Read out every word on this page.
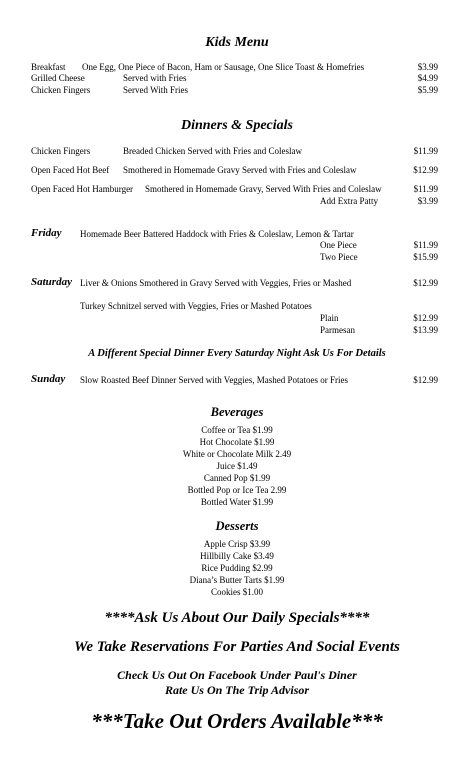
Kids Menu
Breakfast One Egg, One Piece of Bacon, Ham or Sausage, One Slice Toast & Homefries	$3.99
Grilled Cheese	Served with Fries	$4.99
Chicken Fingers	Served With Fries	$5.99
Dinners & Specials
Chicken Fingers	Breaded Chicken Served with Fries and Coleslaw	$11.99
Open Faced Hot Beef Smothered in Homemade Gravy Served with Fries and Coleslaw	$12.99
Open Faced Hot Hamburger Smothered in Homemade Gravy, Served With Fries and Coleslaw	$11.99
Add Extra Patty	$3.99
Friday Homemade Beer Battered Haddock with Fries & Coleslaw, Lemon & Tartar
One Piece	$11.99
Two Piece	$15.99
Saturday Liver & Onions Smothered in Gravy Served with Veggies, Fries or Mashed	$12.99
Turkey Schnitzel served with Veggies, Fries or Mashed Potatoes
Plain	$12.99
Parmesan	$13.99
A Different Special Dinner Every Saturday Night Ask Us For Details
Sunday Slow Roasted Beef Dinner Served with Veggies, Mashed Potatoes or Fries	$12.99
Beverages
Coffee or Tea $1.99
Hot Chocolate $1.99
White or Chocolate Milk 2.49
Juice $1.49
Canned Pop $1.99
Bottled Pop or Ice Tea 2.99
Bottled Water $1.99
Desserts
Apple Crisp $3.99
Hillbilly Cake $3.49
Rice Pudding $2.99
Diana’s Butter Tarts $1.99
Cookies $1.00
****Ask Us About Our Daily Specials****
We Take Reservations For Parties And Social Events
Check Us Out On Facebook Under Paul's Diner
Rate Us On The Trip Advisor
***Take Out Orders Available***
